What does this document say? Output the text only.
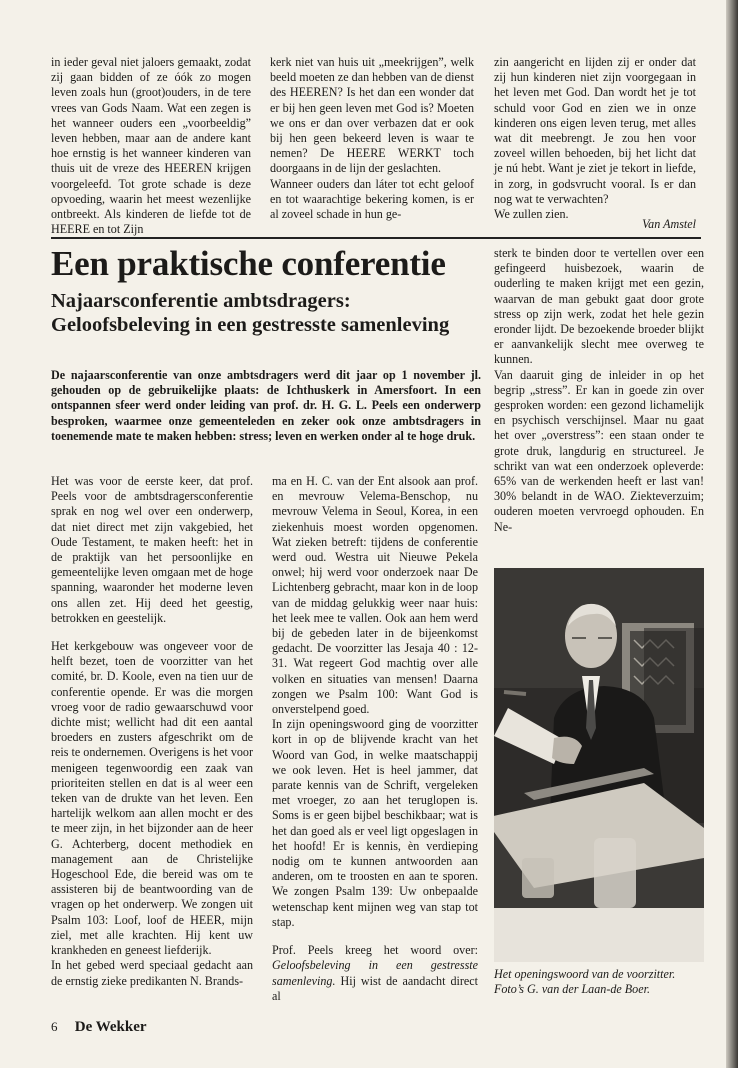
in ieder geval niet jaloers gemaakt, zodat zij gaan bidden of ze óók zo mogen leven zoals hun (groot)ouders, in de tere vrees van Gods Naam. Wat een zegen is het wanneer ouders een „voorbeeldig” leven hebben, maar aan de andere kant hoe ernstig is het wanneer kinderen van thuis uit de vreze des HEEREN krijgen voorgeleefd. Tot grote schade is deze opvoeding, waarin het meest wezenlijke ontbreekt. Als kinderen de liefde tot de HEERE en tot Zijn

kerk niet van huis uit „meekrijgen”, welk beeld moeten ze dan hebben van de dienst des HEEREN? Is het dan een wonder dat er bij hen geen leven met God is? Moeten we ons er dan over verbazen dat er ook bij hen geen bekeerd leven is waar te nemen? De HEERE WERKT toch doorgaans in de lijn der geslachten.
Wanneer ouders dan láter tot echt geloof en tot waarachtige bekering komen, is er al zoveel schade in hun ge-

zin aangericht en lijden zij er onder dat zij hun kinderen niet zijn voorgegaan in het leven met God. Dan wordt het je tot schuld voor God en zien we in onze kinderen ons eigen leven terug, met alles wat dit meebrengt. Je zou hen voor zoveel willen behoeden, bij het licht dat je nú hebt. Want je ziet je tekort in liefde, in zorg, in godsvrucht vooral. Is er dan nog wat te verwachten?
We zullen zien.

Van Amstel
Een praktische conferentie
Najaarsconferentie ambtsdragers: Geloofsbeleving in een gestresste samenleving

De najaarsconferentie van onze ambtsdragers werd dit jaar op 1 november jl. gehouden op de gebruikelijke plaats: de Ichthuskerk in Amersfoort. In een ontspannen sfeer werd onder leiding van prof. dr. H. G. L. Peels een onderwerp besproken, waarmee onze gemeenteleden en zeker ook onze ambtsdragers in toenemende mate te maken hebben: stress; leven en werken onder al te hoge druk.

Het was voor de eerste keer, dat prof. Peels voor de ambtsdragersconferentie sprak en nog wel over een onderwerp, dat niet direct met zijn vakgebied, het Oude Testament, te maken heeft: het in de praktijk van het persoonlijke en gemeentelijke leven omgaan met de hoge spanning, waaronder het moderne leven ons allen zet. Hij deed het geestig, betrokken en geestelijk.

Het kerkgebouw was ongeveer voor de helft bezet, toen de voorzitter van het comité, br. D. Koole, even na tien uur de conferentie opende. Er was die morgen vroeg voor de radio gewaarschuwd voor dichte mist; wellicht had dit een aantal broeders en zusters afgeschrikt om de reis te ondernemen. Overigens is het voor menigeen tegenwoordig een zaak van prioriteiten stellen en dat is al weer een teken van de drukte van het leven. Een hartelijk welkom aan allen mocht er des te meer zijn, in het bijzonder aan de heer G. Achterberg, docent methodiek en management aan de Christelijke Hogeschool Ede, die bereid was om te assisteren bij de beantwoording van de vragen op het onderwerp. We zongen uit Psalm 103: Loof, loof de HEER, mijn ziel, met alle krachten. Hij kent uw krankheden en geneest liefderijk.

In het gebed werd speciaal gedacht aan de ernstig zieke predikanten N. Brands-

ma en H. C. van der Ent alsook aan prof. en mevrouw Velema-Benschop, nu mevrouw Velema in Seoul, Korea, in een ziekenhuis moest worden opgenomen. Wat zieken betreft: tijdens de conferentie werd oud. Westra uit Nieuwe Pekela onwel; hij werd voor onderzoek naar De Lichtenberg gebracht, maar kon in de loop van de middag gelukkig weer naar huis: het leek mee te vallen. Ook aan hem werd bij de gebeden later in de bijeenkomst gedacht. De voorzitter las Jesaja 40 : 12-31. Wat regeert God machtig over alle volken en situaties van mensen! Daarna zongen we Psalm 100: Want God is onverstelpend goed.

In zijn openingswoord ging de voorzitter kort in op de blijvende kracht van het Woord van God, in welke maatschappij we ook leven. Het is heel jammer, dat parate kennis van de Schrift, vergeleken met vroeger, zo aan het teruglopen is. Soms is er geen bijbel beschikbaar; wat is het dan goed als er veel ligt opgeslagen in het hoofd! Er is kennis, èn verdieping nodig om te kunnen antwoorden aan anderen, om te troosten en aan te sporen. We zongen Psalm 139: Uw onbepaalde wetenschap kent mijnen weg van stap tot stap.

Prof. Peels kreeg het woord over: Geloofsbeleving in een gestresste samenleving. Hij wist de aandacht direct al

sterk te binden door te vertellen over een gefingeerd huisbezoek, waarin de ouderling te maken krijgt met een gezin, waarvan de man gebukt gaat door grote stress op zijn werk, zodat het hele gezin eronder lijdt. De bezoekende broeder blijkt er aanvankelijk slecht mee overweg te kunnen.

Van daaruit ging de inleider in op het begrip „stress”. Er kan in goede zin over gesproken worden: een gezond lichamelijk en psychisch verschijnsel. Maar nu gaat het over „overstress”: een staan onder te grote druk, langdurig en structureel. Je schrikt van wat een onderzoek opleverde: 65% van de werkenden heeft er last van! 30% belandt in de WAO. Ziekteverzuim; ouderen moeten vervroegd ophouden. En Ne-

Het openingswoord van de voorzitter. Foto’s G. van der Laan-de Boer.
6 De Wekker
